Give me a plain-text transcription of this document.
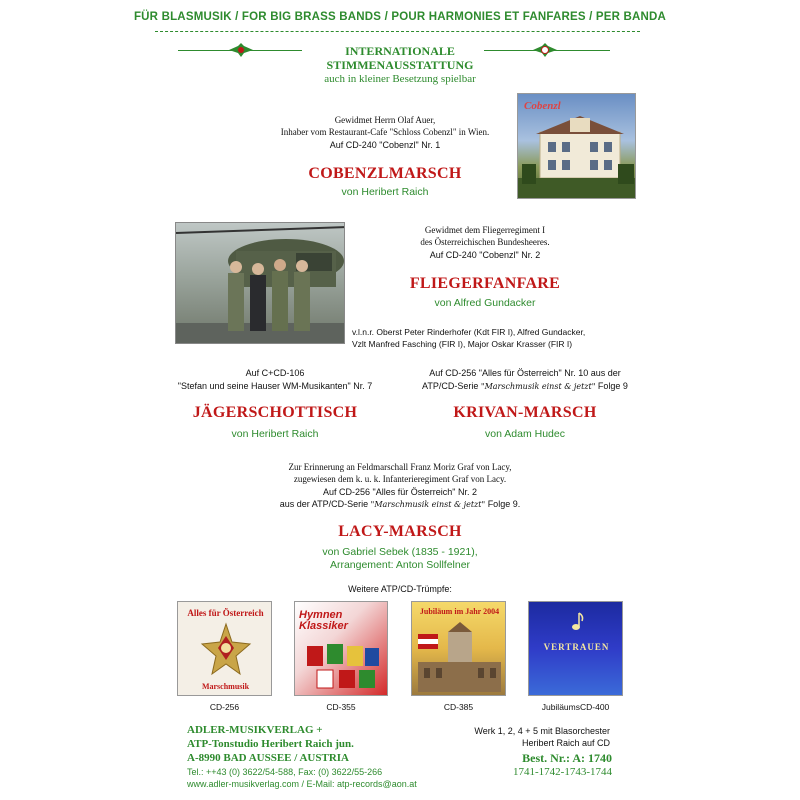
FÜR BLASMUSIK / FOR BIG BRASS BANDS / POUR HARMONIES ET FANFARES / PER BANDA
INTERNATIONALE
STIMMENAUSSTATTUNG
auch in kleiner Besetzung spielbar
Gewidmet Herrn Olaf Auer,
Inhaber vom Restaurant-Cafe "Schloss Cobenzl" in Wien.
Auf CD-240 "Cobenzl" Nr. 1
COBENZLMARSCH
von Heribert Raich
Cobenzl
Gewidmet dem Fliegerregiment I
des Österreichischen Bundesheeres.
Auf CD-240 "Cobenzl" Nr. 2
FLIEGERFANFARE
von Alfred Gundacker
v.l.n.r. Oberst Peter Rinderhofer (Kdt FIR I), Alfred Gundacker,
Vzlt Manfred Fasching (FIR I), Major Oskar Krasser (FIR I)
Auf C+CD-106
"Stefan und seine Hauser WM-Musikanten" Nr. 7
JÄGERSCHOTTISCH
von Heribert Raich
Auf CD-256 "Alles für Österreich" Nr. 10 aus der
ATP/CD-Serie "Marschmusik einst & jetzt" Folge 9
KRIVAN-MARSCH
von Adam Hudec
Zur Erinnerung an Feldmarschall Franz Moriz Graf von Lacy,
zugewiesen dem k. u. k. Infanterieregiment Graf von Lacy.
Auf CD-256 "Alles für Österreich" Nr. 2
aus der ATP/CD-Serie "Marschmusik einst & jetzt" Folge 9.
LACY-MARSCH
von Gabriel Sebek (1835 - 1921),
Arrangement: Anton Sollfelner
Weitere ATP/CD-Trümpfe:
Alles für Österreich
Marschmusik
CD-256
Hymnen Klassiker
CD-355
Jubiläum im Jahr 2004
CD-385
VERTRAUEN
JubiläumsCD-400
ADLER-MUSIKVERLAG +
ATP-Tonstudio Heribert Raich jun.
A-8990 BAD AUSSEE / AUSTRIA
Tel.: ++43 (0) 3622/54-588, Fax: (0) 3622/55-266
www.adler-musikverlag.com / E-Mail: atp-records@aon.at
Werk 1, 2, 4 + 5 mit Blasorchester
Heribert Raich auf CD
Best. Nr.: A: 1740
1741-1742-1743-1744
